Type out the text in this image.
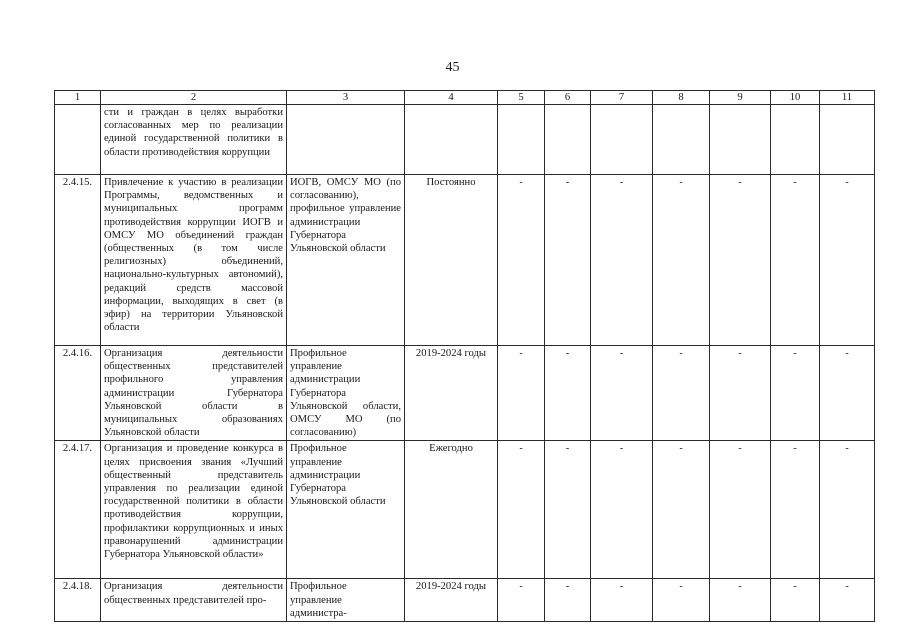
45
1	2	3	4	5	6	7	8	9	10	11
	сти и граждан в целях выработки согласованных мер по реализации единой государственной политики в области противодействия коррупции									
2.4.15.	Привлечение к участию в реализации Программы, ведомственных и муниципальных программ противодействия коррупции ИОГВ и ОМСУ МО объединений граждан (общественных (в том числе религиозных) объединений, национально-культурных автономий), редакций средств массовой информации, выходящих в свет (в эфир) на территории Ульяновской области	ИОГВ, ОМСУ МО (по согласованию), профильное управление администрации Губернатора Ульяновской области	Постоянно	-	-	-	-	-	-	-
2.4.16.	Организация деятельности общественных представителей профильного управления администрации Губернатора Ульяновской области в муниципальных образованиях Ульяновской области	Профильное управление администрации Губернатора Ульяновской области, ОМСУ МО (по согласованию)	2019-2024 годы	-	-	-	-	-	-	-
2.4.17.	Организация и проведение конкурса в целях присвоения звания «Лучший общественный представитель управления по реализации единой государственной политики в области противодействия коррупции, профилактики коррупционных и иных правонарушений администрации Губернатора Ульяновской области»	Профильное управление администрации Губернатора Ульяновской области	Ежегодно	-	-	-	-	-	-	-
2.4.18.	Организация деятельности общественных представителей про-	Профильное управление администра-	2019-2024 годы	-	-	-	-	-	-	-
